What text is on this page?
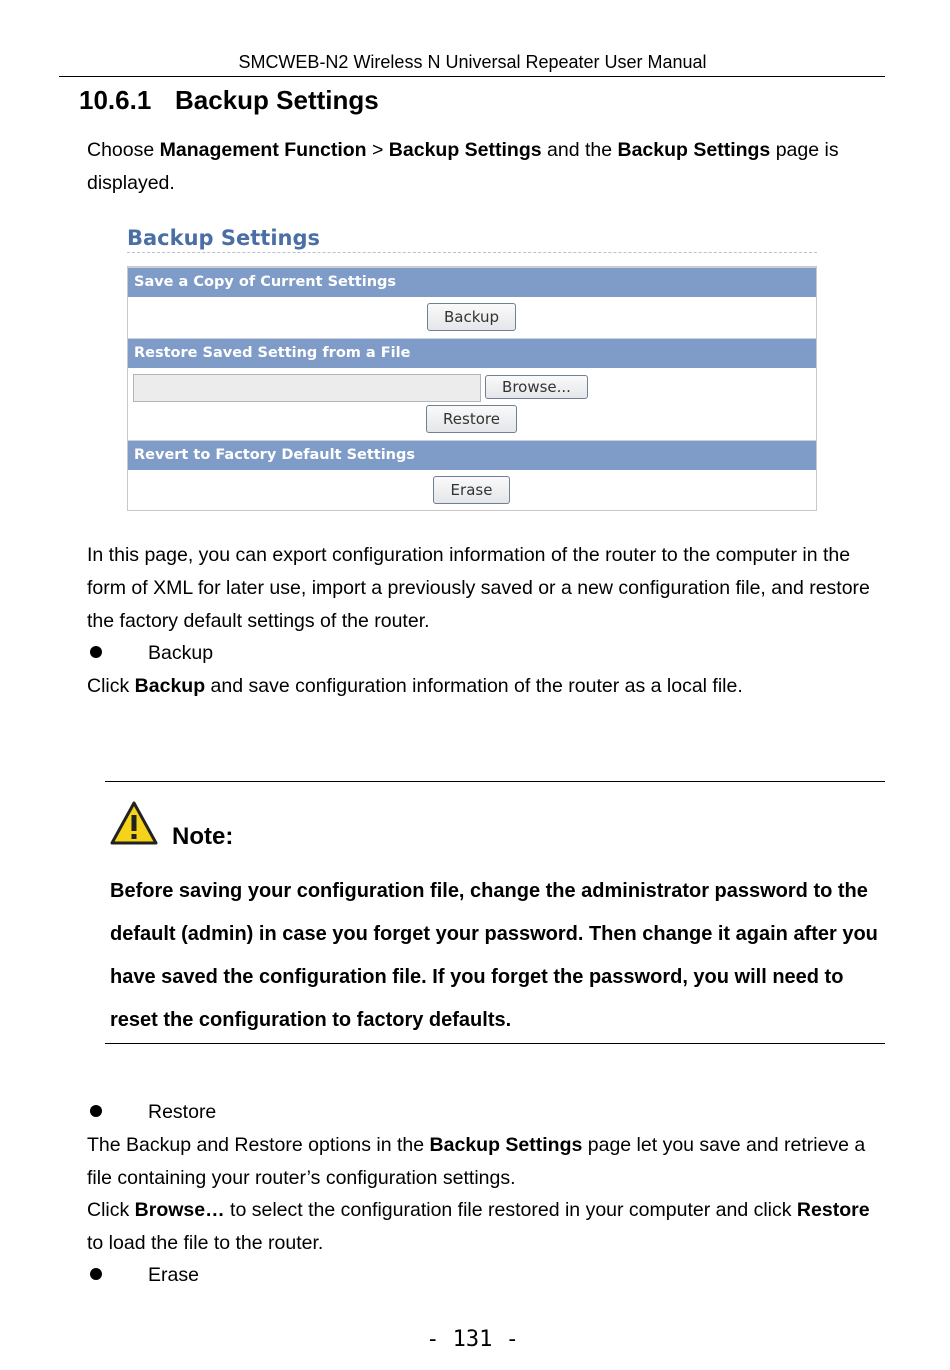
SMCWEB-N2 Wireless N Universal Repeater User Manual
10.6.1 Backup Settings
Choose Management Function > Backup Settings and the Backup Settings page is displayed.
Backup Settings
Save a Copy of Current Settings
Backup
Restore Saved Setting from a File
Browse...
Restore
Revert to Factory Default Settings
Erase
In this page, you can export configuration information of the router to the computer in the form of XML for later use, import a previously saved or a new configuration file, and restore the factory default settings of the router.
Backup
Click Backup and save configuration information of the router as a local file.
Note:
Before saving your configuration file, change the administrator password to the default (admin) in case you forget your password. Then change it again after you have saved the configuration file. If you forget the password, you will need to reset the configuration to factory defaults.
Restore
The Backup and Restore options in the Backup Settings page let you save and retrieve a file containing your router’s configuration settings.
Click Browse… to select the configuration file restored in your computer and click Restore to load the file to the router.
Erase
- 131 -
